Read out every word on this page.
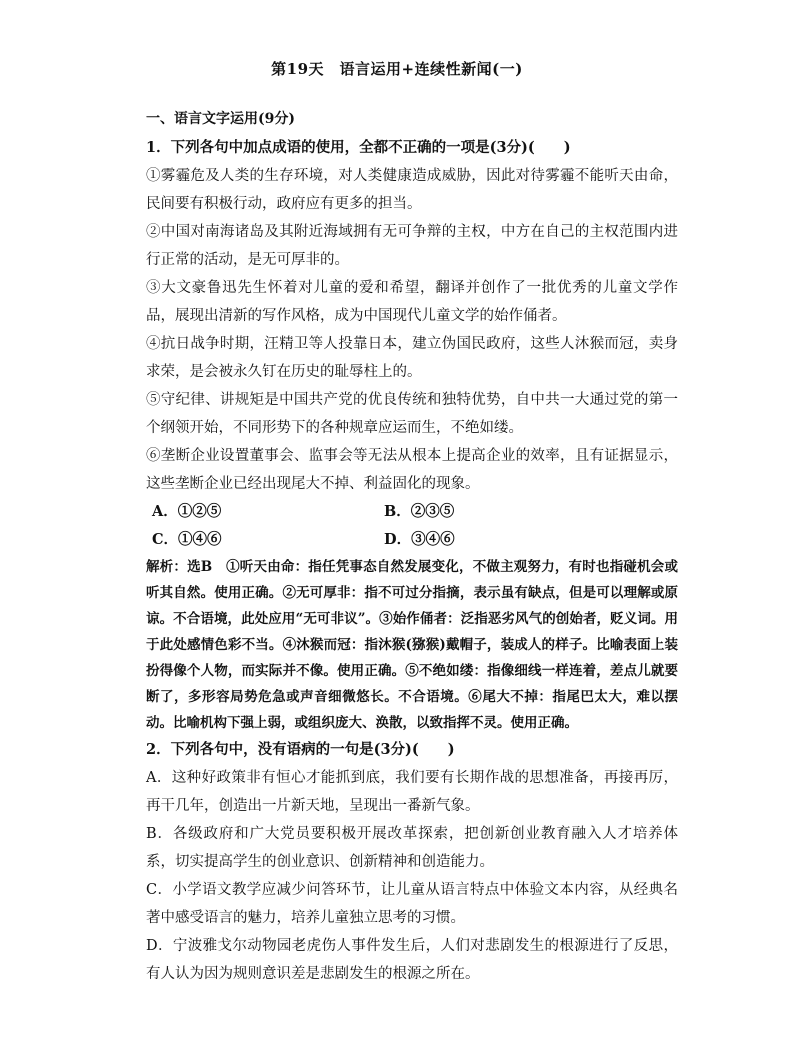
第19天　语言运用+连续性新闻(一)
一、语言文字运用(9分)

1．下列各句中加点成语的使用，全都不正确的一项是(3分)(　　)

①雾霾危及人类的生存环境，对人类健康造成威胁，因此对待雾霾不能听天由命，民间要有积极行动，政府应有更多的担当。

②中国对南海诸岛及其附近海域拥有无可争辩的主权，中方在自己的主权范围内进行正常的活动，是无可厚非的。

③大文豪鲁迅先生怀着对儿童的爱和希望，翻译并创作了一批优秀的儿童文学作品，展现出清新的写作风格，成为中国现代儿童文学的始作俑者。

④抗日战争时期，汪精卫等人投靠日本，建立伪国民政府，这些人沐猴而冠，卖身求荣，是会被永久钉在历史的耻辱柱上的。

⑤守纪律、讲规矩是中国共产党的优良传统和独特优势，自中共一大通过党的第一个纲领开始，不同形势下的各种规章应运而生，不绝如缕。

⑥垄断企业设置董事会、监事会等无法从根本上提高企业的效率，且有证据显示，这些垄断企业已经出现尾大不掉、利益固化的现象。

A．①②⑤	B．②③⑤
C．①④⑥	D．③④⑥

解析：选B　①听天由命：指任凭事态自然发展变化，不做主观努力，有时也指碰机会或听其自然。使用正确。②无可厚非：指不可过分指摘，表示虽有缺点，但是可以理解或原谅。不合语境，此处应用“无可非议”。③始作俑者：泛指恶劣风气的创始者，贬义词。用于此处感情色彩不当。④沐猴而冠：指沐猴(猕猴)戴帽子，装成人的样子。比喻表面上装扮得像个人物，而实际并不像。使用正确。⑤不绝如缕：指像细线一样连着，差点儿就要断了，多形容局势危急或声音细微悠长。不合语境。⑥尾大不掉：指尾巴太大，难以摆动。比喻机构下强上弱，或组织庞大、涣散，以致指挥不灵。使用正确。

2．下列各句中，没有语病的一句是(3分)(　　)

A．这种好政策非有恒心才能抓到底，我们要有长期作战的思想准备，再接再厉，再干几年，创造出一片新天地，呈现出一番新气象。

B．各级政府和广大党员要积极开展改革探索，把创新创业教育融入人才培养体系，切实提高学生的创业意识、创新精神和创造能力。

C．小学语文教学应减少问答环节，让儿童从语言特点中体验文本内容，从经典名著中感受语言的魅力，培养儿童独立思考的习惯。

D．宁波雅戈尔动物园老虎伤人事件发生后，人们对悲剧发生的根源进行了反思，有人认为因为规则意识差是悲剧发生的根源之所在。
